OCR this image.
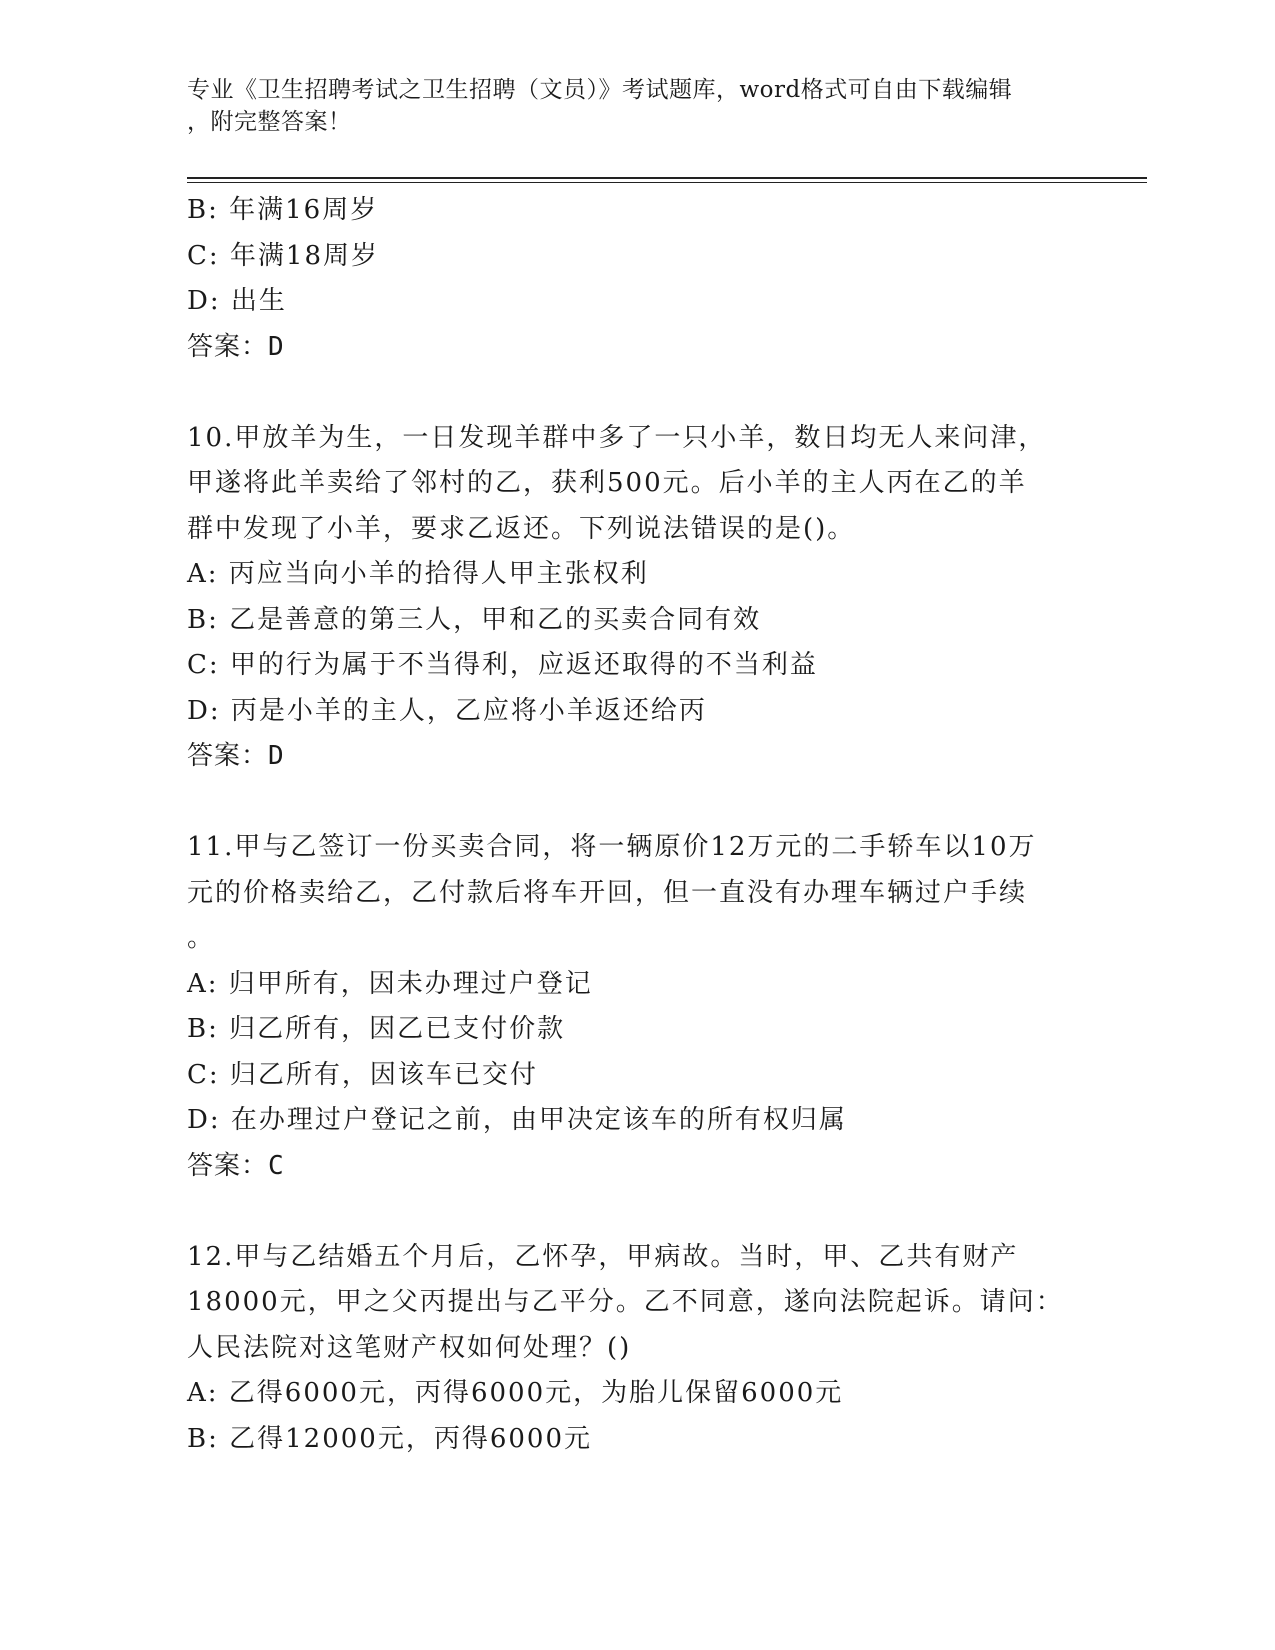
专业《卫生招聘考试之卫生招聘（文员）》考试题库，word格式可自由下载编辑
，附完整答案！
B: 年满16周岁
C: 年满18周岁
D: 出生
答案：D
10.甲放羊为生，一日发现羊群中多了一只小羊，数日均无人来问津，
甲遂将此羊卖给了邻村的乙，获利500元。后小羊的主人丙在乙的羊
群中发现了小羊，要求乙返还。下列说法错误的是()。
A: 丙应当向小羊的拾得人甲主张权利
B: 乙是善意的第三人，甲和乙的买卖合同有效
C: 甲的行为属于不当得利，应返还取得的不当利益
D: 丙是小羊的主人，乙应将小羊返还给丙
答案：D
11.甲与乙签订一份买卖合同，将一辆原价12万元的二手轿车以10万
元的价格卖给乙，乙付款后将车开回，但一直没有办理车辆过户手续
。
A: 归甲所有，因未办理过户登记
B: 归乙所有，因乙已支付价款
C: 归乙所有，因该车已交付
D: 在办理过户登记之前，由甲决定该车的所有权归属
答案：C
12.甲与乙结婚五个月后，乙怀孕，甲病故。当时，甲、乙共有财产
18000元，甲之父丙提出与乙平分。乙不同意，遂向法院起诉。请问：
人民法院对这笔财产权如何处理？()
A: 乙得6000元，丙得6000元，为胎儿保留6000元
B: 乙得12000元，丙得6000元
